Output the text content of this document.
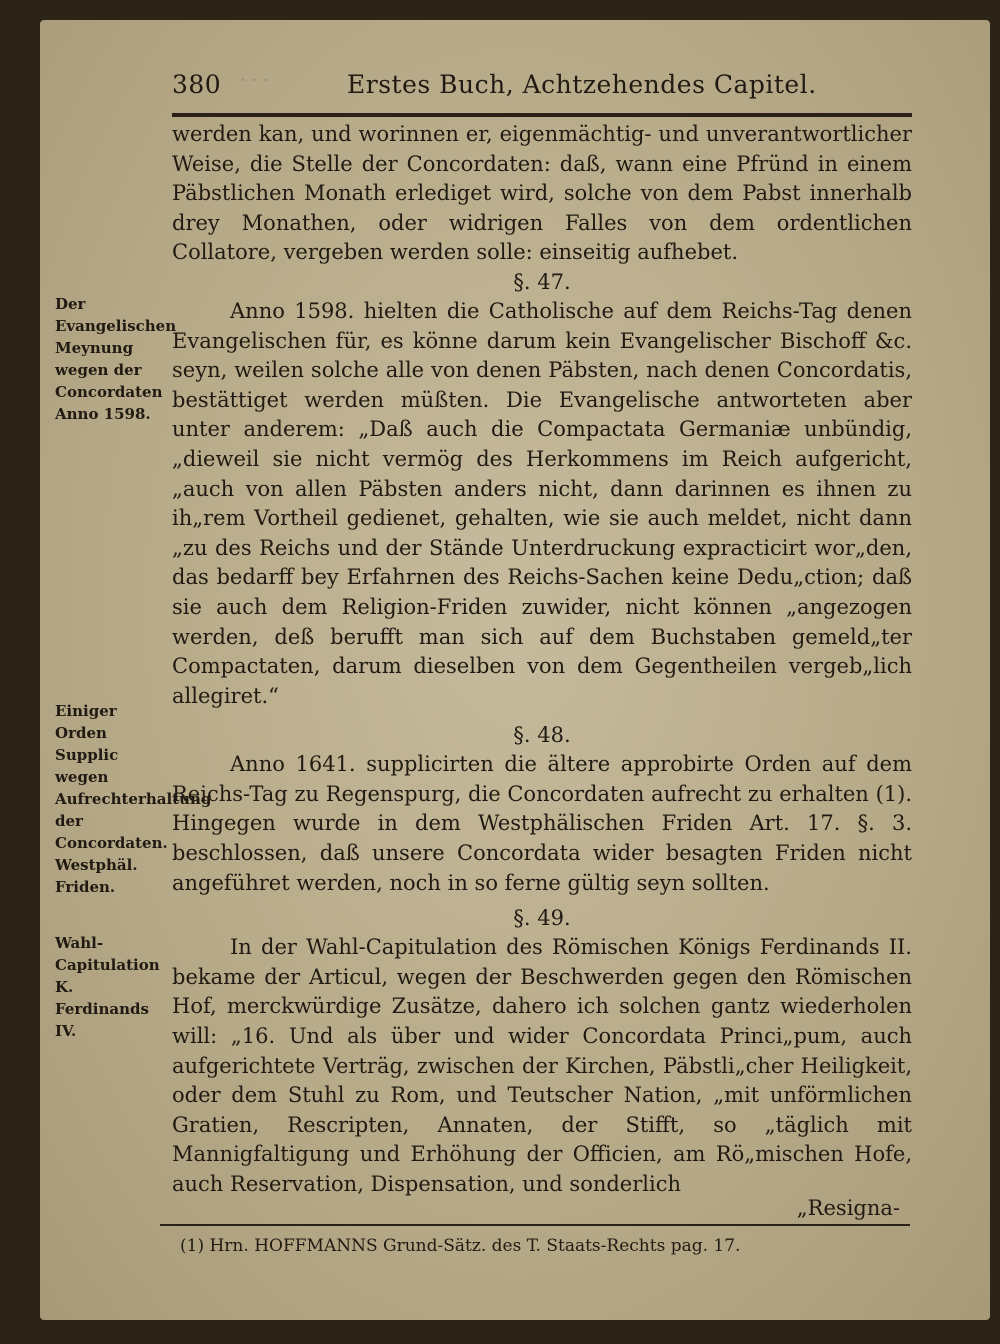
· · ·
380	Erstes Buch, Achtzehendes Capitel.
Der Evangelischen Meynung wegen der Concordaten Anno 1598.
Einiger Orden Supplic wegen Aufrechterhaltung der Concordaten. Westphäl. Friden.
Wahl-Capitulation K. Ferdinands IV.

werden kan, und worinnen er, eigenmächtig- und unverantwortlicher Weise, die Stelle der Concordaten: daß, wann eine Pfründ in einem Päbstlichen Monath erlediget wird, solche von dem Pabst innerhalb drey Monathen, oder widrigen Falles von dem ordentlichen Collatore, vergeben werden solle: einseitig aufhebet.

§. 47.

Anno 1598. hielten die Catholische auf dem Reichs-Tag denen Evangelischen für, es könne darum kein Evangelischer Bischoff &c. seyn, weilen solche alle von denen Päbsten, nach denen Concordatis, bestättiget werden müßten. Die Evangelische antworteten aber unter anderem: „Daß auch die Compactata Germaniæ unbündig, „dieweil sie nicht vermög des Herkommens im Reich aufgericht, „auch von allen Päbsten anders nicht, dann darinnen es ihnen zu ih„rem Vortheil gedienet, gehalten, wie sie auch meldet, nicht dann „zu des Reichs und der Stände Unterdruckung expracticirt wor„den, das bedarff bey Erfahrnen des Reichs-Sachen keine Dedu„ction; daß sie auch dem Religion-Friden zuwider, nicht können „angezogen werden, deß berufft man sich auf dem Buchstaben gemeld„ter Compactaten, darum dieselben von dem Gegentheilen vergeb„lich allegiret.“

§. 48.

Anno 1641. supplicirten die ältere approbirte Orden auf dem Reichs-Tag zu Regenspurg, die Concordaten aufrecht zu erhalten (1). Hingegen wurde in dem Westphälischen Friden Art. 17. §. 3. beschlossen, daß unsere Concordata wider besagten Friden nicht angeführet werden, noch in so ferne gültig seyn sollten.

§. 49.

In der Wahl-Capitulation des Römischen Königs Ferdinands II. bekame der Articul, wegen der Beschwerden gegen den Römischen Hof, merckwürdige Zusätze, dahero ich solchen gantz wiederholen will: „16. Und als über und wider Concordata Princi„pum, auch aufgerichtete Verträg, zwischen der Kirchen, Päbstli„cher Heiligkeit, oder dem Stuhl zu Rom, und Teutscher Nation, „mit unförmlichen Gratien, Rescripten, Annaten, der Stifft, so „täglich mit Mannigfaltigung und Erhöhung der Officien, am Rö„mischen Hofe, auch Reservation, Dispensation, und sonderlich

„Resigna-
(1) Hrn. HOFFMANNS Grund-Sätz. des T. Staats-Rechts pag. 17.
